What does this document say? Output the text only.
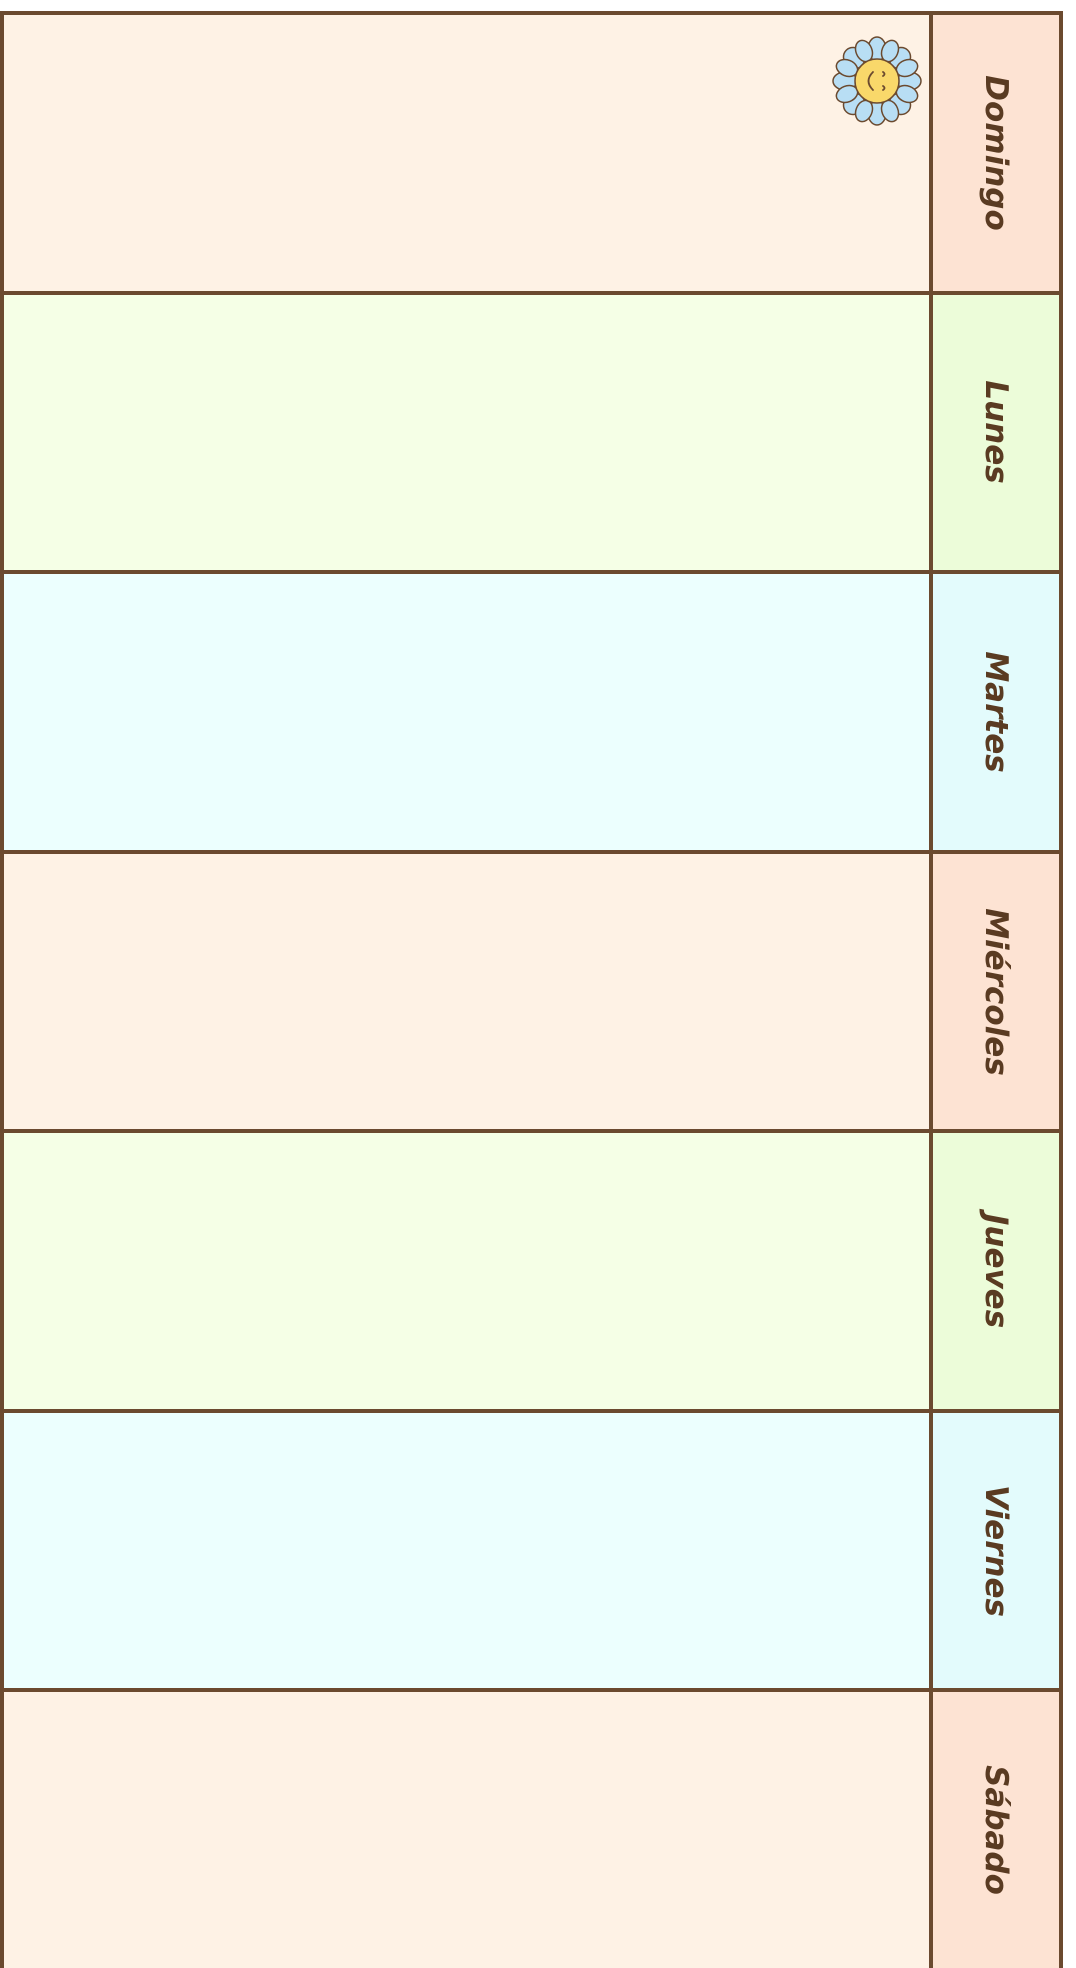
Domingo
Lunes
Martes
Miércoles
Jueves
Viernes
Sábado
